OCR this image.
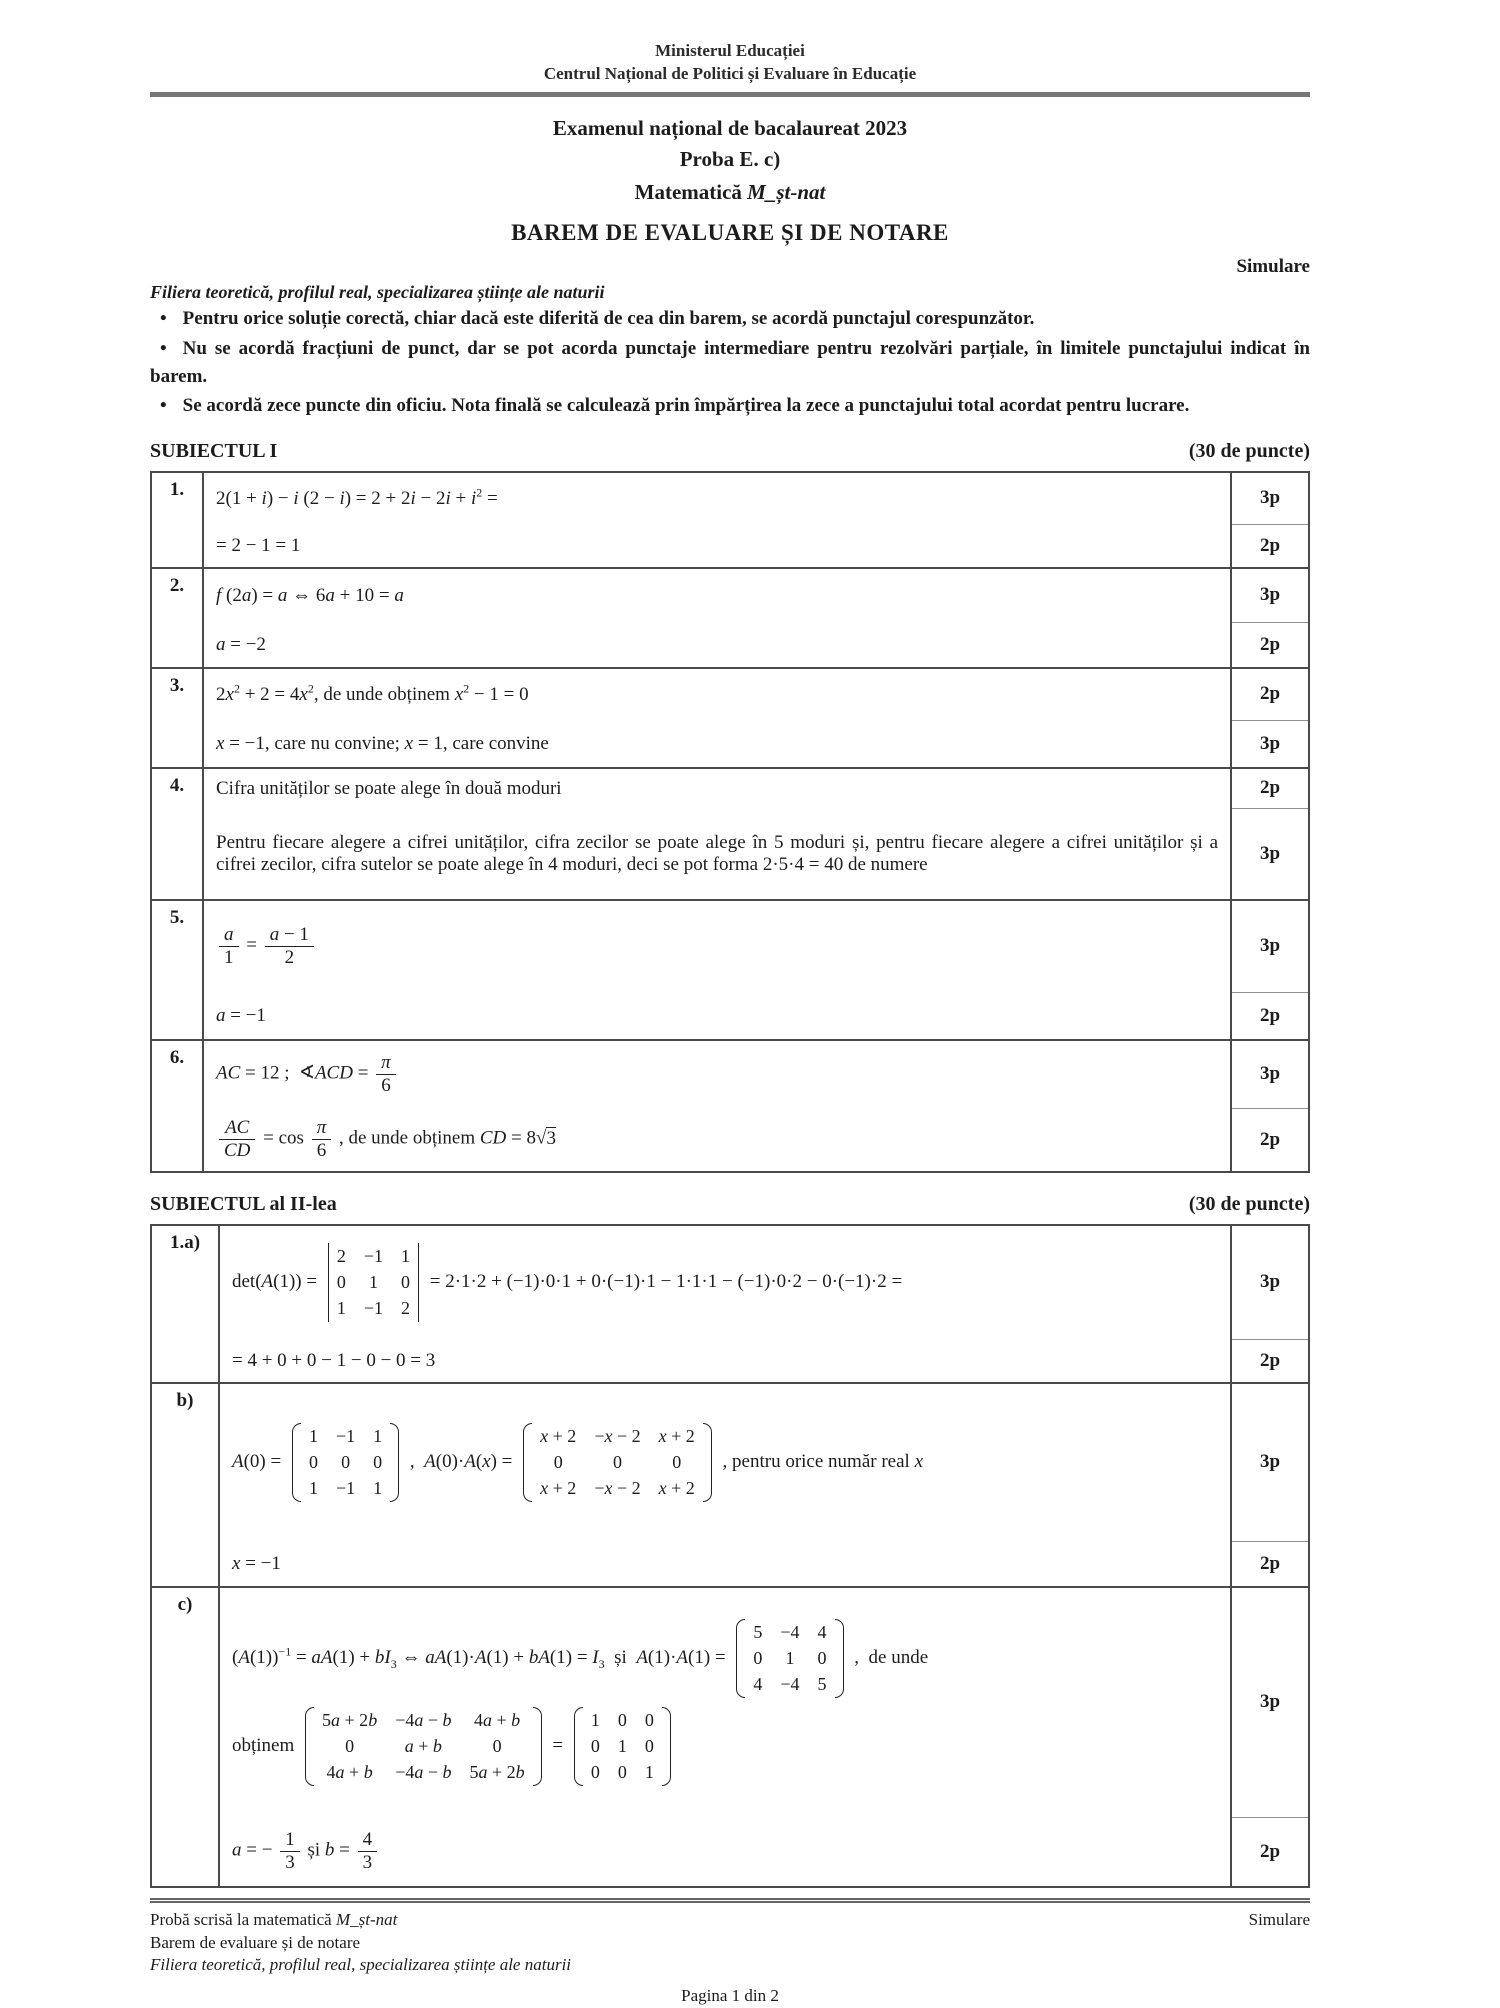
Ministerul Educației
Centrul Național de Politici și Evaluare în Educație
Examenul național de bacalaureat 2023
Proba E. c)
Matematică M_șt-nat
BAREM DE EVALUARE ȘI DE NOTARE
Simulare
Filiera teoretică, profilul real, specializarea științe ale naturii

• Pentru orice soluție corectă, chiar dacă este diferită de cea din barem, se acordă punctajul corespunzător.

• Nu se acordă fracțiuni de punct, dar se pot acorda punctaje intermediare pentru rezolvări parțiale, în limitele punctajului indicat în barem.

• Se acordă zece puncte din oficiu. Nota finală se calculează prin împărțirea la zece a punctajului total acordat pentru lucrare.

SUBIECTUL I	(30 de puncte)
1.	2(1 + i) − i $(2 - i) = 2 + 2i - 2i + i^2$ =	3p
	= 2 − 1 = 1	2p
2.	f (2a) = a ⇔ 6a + 10 = a	3p
	a = −2	2p
3.	$2x^2 + 2 = 4x^2$, de unde obținem $x^2 - 1 = 0$	2p
	x = −1, care nu convine; x = 1, care convine	3p
4.	Cifra unităților se poate alege în două moduri	2p
	Pentru fiecare alegere a cifrei unităților, cifra zecilor se poate alege în 5 moduri și, pentru fiecare alegere a cifrei unităților și a cifrei zecilor, cifra sutelor se poate alege în 4 moduri, deci se pot forma 2·5·4 = 40 de numere	3p
5.	$\frac{a}{1} = \frac{a - 1}{2}$	3p
	a = −1	2p
6.	AC = 12 ;  ∢ACD = $\frac{\pi}{6}$	3p

$\frac{AC}{CD} = \cos \frac{\pi}{6}$ , de unde obținem CD = 8√3	2p
SUBIECTUL al II-lea	(30 de puncte)
1.a)	det(A(1)) =
2 −1 1
0 1 0
1 −1 2
= 2·1·2 + (−1)·0·1 + 0·(−1)·1 − 1·1·1 − (−1)·0·2 − 0·(−1)·2 =	3p
	= 4 + 0 + 0 − 1 − 0 − 0 = 3	2p
b)	A(0) =
1 −1 1
0 0 0
1 −1 1
,  A(0)·A(x) =
x + 2 −x − 2 x + 2
0	0	0
x + 2 −x − 2 x + 2
, pentru orice număr real x	3p
	x = −1	2p
c)	
$(A(1))^{-1} = aA(1) + bI_3$ ⇔ $aA(1)\cdot A(1) + bA(1) = I_3$  și  A(1)·A(1) =
5 −4 4
0 1 0
4 −4 5
,  de unde
obținem
5a + 2b −4a − b 4a + b
0	a + b	0
4a + b −4a − b 5a + 2b
=
1 0 0
0 1 0
0 0 1
	3p
a = − $\frac{1}{3}$ și $b = \frac{4}{3}$	2p
Probă scrisă la matematică M_șt-nat	Simulare
Barem de evaluare și de notare
Filiera teoretică, profilul real, specializarea științe ale naturii
Pagina 1 din 2
